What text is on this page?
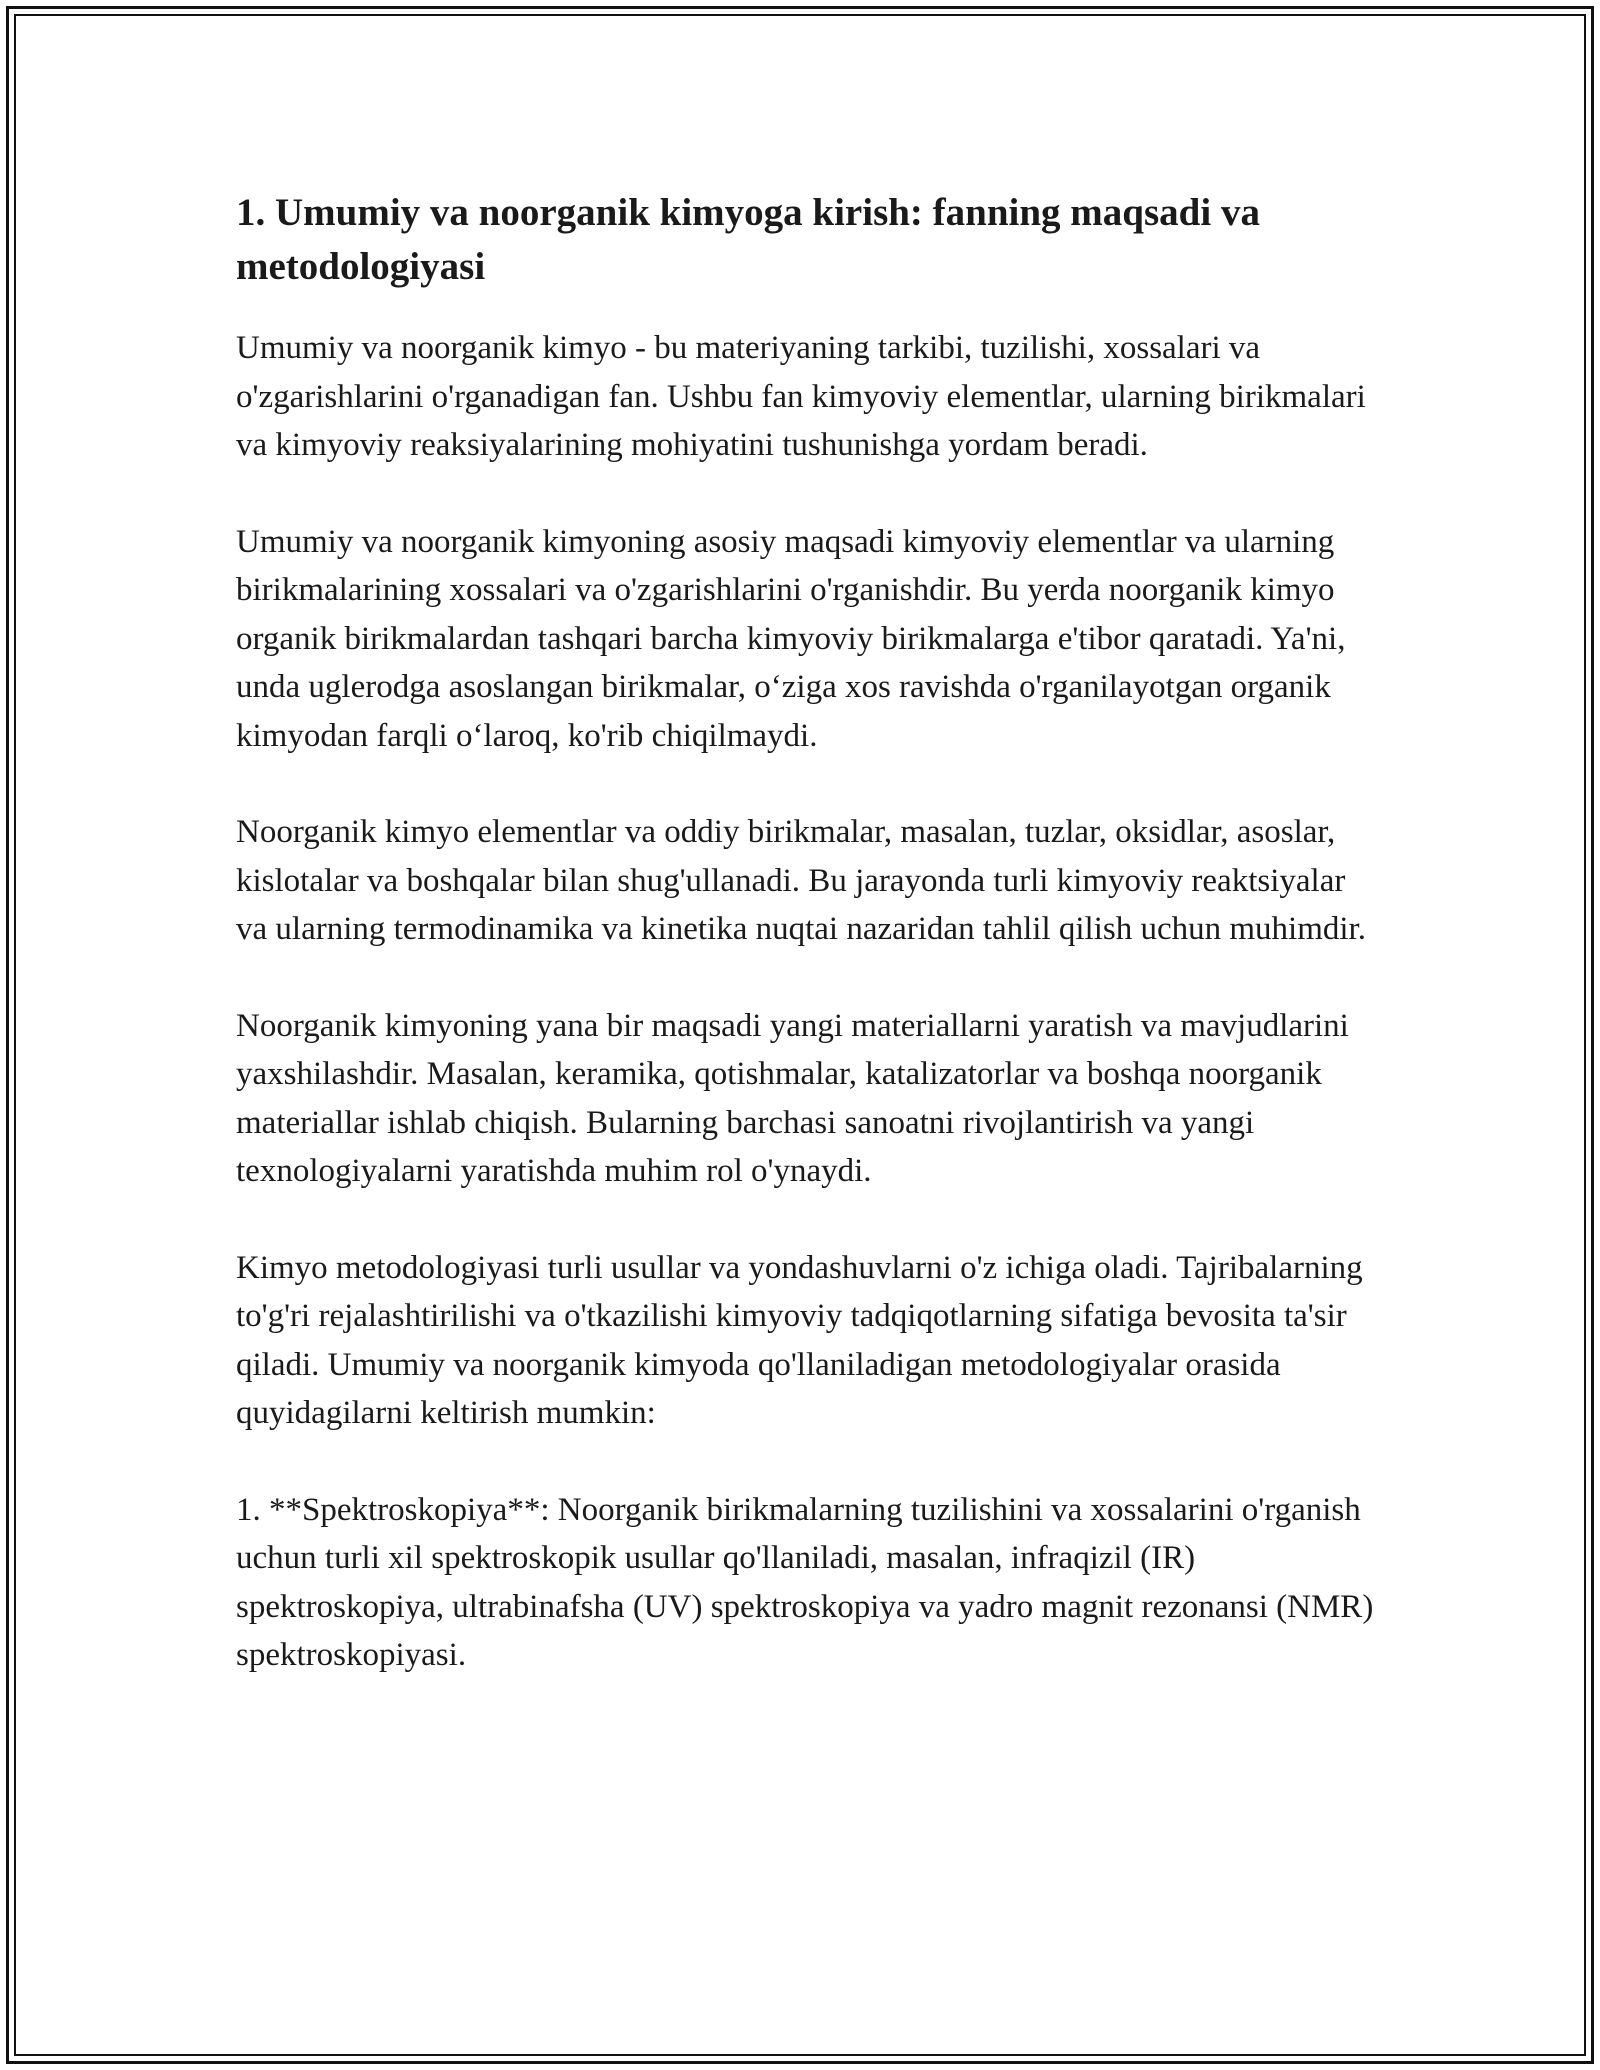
1. Umumiy va noorganik kimyoga kirish: fanning maqsadi va metodologiyasi

Umumiy va noorganik kimyo - bu materiyaning tarkibi, tuzilishi, xossalari va o'zgarishlarini o'rganadigan fan. Ushbu fan kimyoviy elementlar, ularning birikmalari va kimyoviy reaksiyalarining mohiyatini tushunishga yordam beradi.

Umumiy va noorganik kimyoning asosiy maqsadi kimyoviy elementlar va ularning birikmalarining xossalari va o'zgarishlarini o'rganishdir. Bu yerda noorganik kimyo organik birikmalardan tashqari barcha kimyoviy birikmalarga e'tibor qaratadi. Ya'ni, unda uglerodga asoslangan birikmalar, o‘ziga xos ravishda o'rganilayotgan organik kimyodan farqli o‘laroq, ko'rib chiqilmaydi.

Noorganik kimyo elementlar va oddiy birikmalar, masalan, tuzlar, oksidlar, asoslar, kislotalar va boshqalar bilan shug'ullanadi. Bu jarayonda turli kimyoviy reaktsiyalar va ularning termodinamika va kinetika nuqtai nazaridan tahlil qilish uchun muhimdir.

Noorganik kimyoning yana bir maqsadi yangi materiallarni yaratish va mavjudlarini yaxshilashdir. Masalan, keramika, qotishmalar, katalizatorlar va boshqa noorganik materiallar ishlab chiqish. Bularning barchasi sanoatni rivojlantirish va yangi texnologiyalarni yaratishda muhim rol o'ynaydi.

Kimyo metodologiyasi turli usullar va yondashuvlarni o'z ichiga oladi. Tajribalarning to'g'ri rejalashtirilishi va o'tkazilishi kimyoviy tadqiqotlarning sifatiga bevosita ta'sir qiladi. Umumiy va noorganik kimyoda qo'llaniladigan metodologiyalar orasida quyidagilarni keltirish mumkin:

1. **Spektroskopiya**: Noorganik birikmalarning tuzilishini va xossalarini o'rganish uchun turli xil spektroskopik usullar qo'llaniladi, masalan, infraqizil (IR) spektroskopiya, ultrabinafsha (UV) spektroskopiya va yadro magnit rezonansi (NMR) spektroskopiyasi.
